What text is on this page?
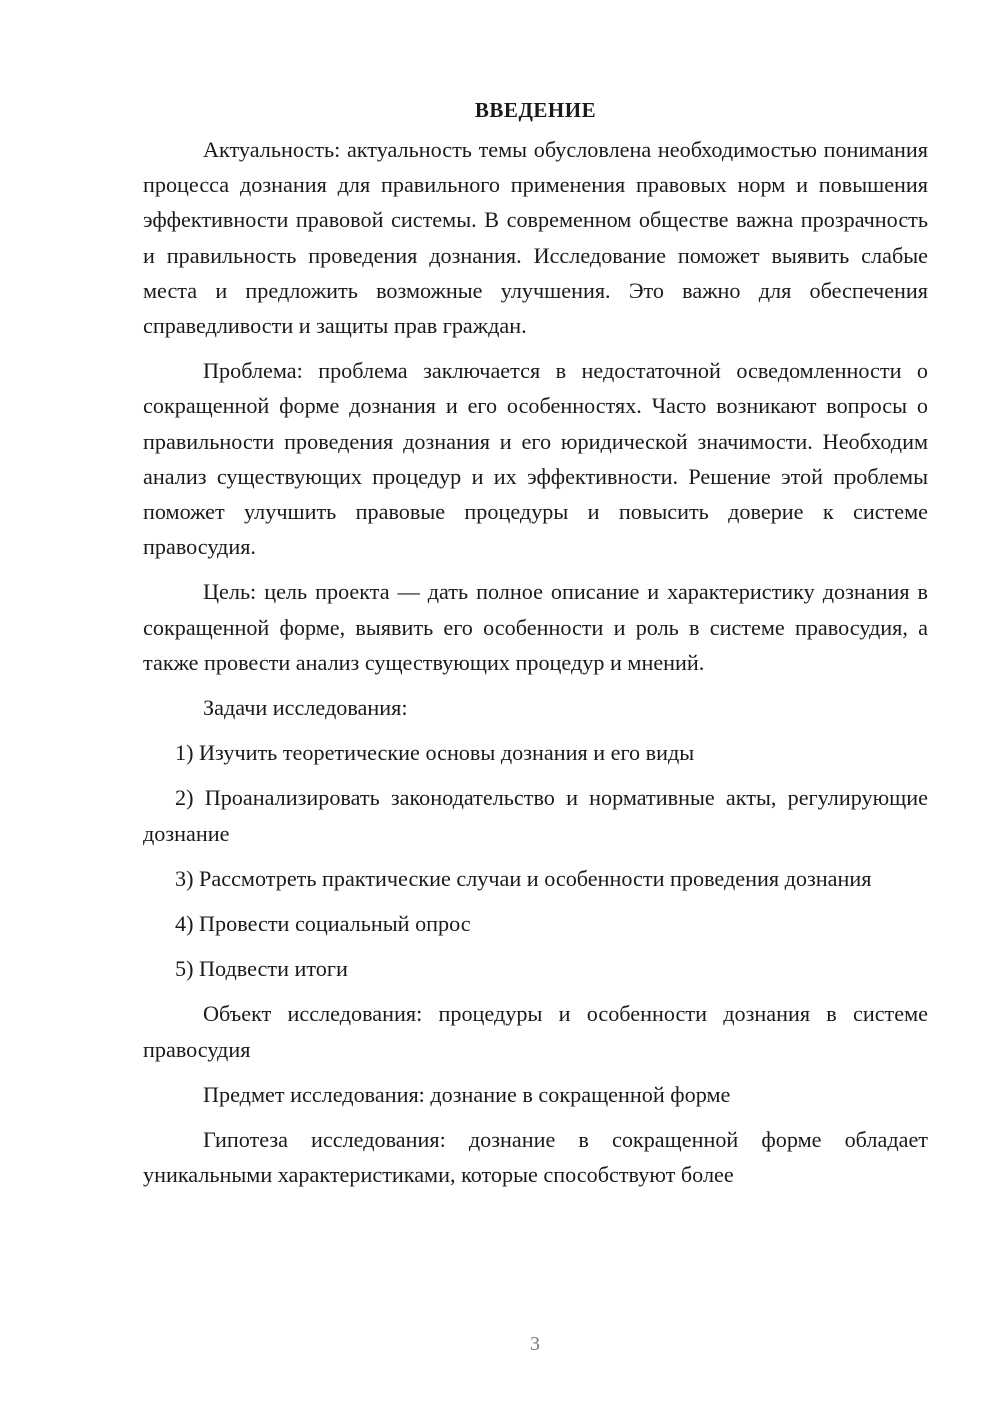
ВВЕДЕНИЕ

Актуальность: актуальность темы обусловлена необходимостью понимания процесса дознания для правильного применения правовых норм и повышения эффективности правовой системы. В современном обществе важна прозрачность и правильность проведения дознания. Исследование поможет выявить слабые места и предложить возможные улучшения. Это важно для обеспечения справедливости и защиты прав граждан.

Проблема: проблема заключается в недостаточной осведомленности о сокращенной форме дознания и его особенностях. Часто возникают вопросы о правильности проведения дознания и его юридической значимости. Необходим анализ существующих процедур и их эффективности. Решение этой проблемы поможет улучшить правовые процедуры и повысить доверие к системе правосудия.

Цель: цель проекта — дать полное описание и характеристику дознания в сокращенной форме, выявить его особенности и роль в системе правосудия, а также провести анализ существующих процедур и мнений.

Задачи исследования:

1) Изучить теоретические основы дознания и его виды

2) Проанализировать законодательство и нормативные акты, регулирующие дознание

3) Рассмотреть практические случаи и особенности проведения дознания

4) Провести социальный опрос

5) Подвести итоги

Объект исследования: процедуры и особенности дознания в системе правосудия

Предмет исследования: дознание в сокращенной форме

Гипотеза исследования: дознание в сокращенной форме обладает уникальными характеристиками, которые способствуют более

3
